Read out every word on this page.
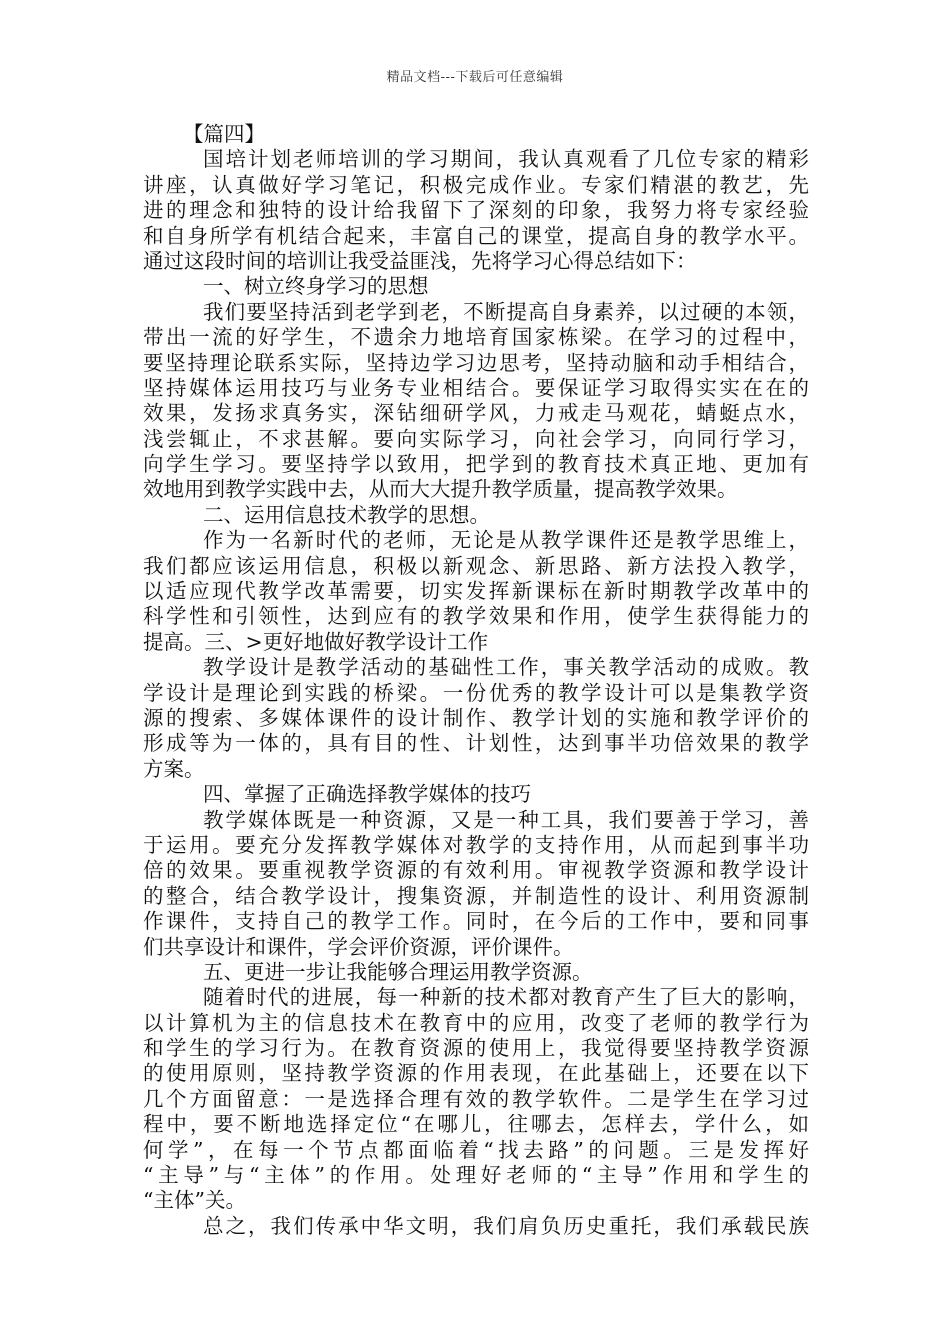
精品文档---下载后可任意编辑
【篇四】
国培计划老师培训的学习期间，我认真观看了几位专家的精彩
讲座，认真做好学习笔记，积极完成作业。专家们精湛的教艺，先
进的理念和独特的设计给我留下了深刻的印象，我努力将专家经验
和自身所学有机结合起来，丰富自己的课堂，提高自身的教学水平。
通过这段时间的培训让我受益匪浅，先将学习心得总结如下：
一、树立终身学习的思想
我们要坚持活到老学到老，不断提高自身素养，以过硬的本领，
带出一流的好学生，不遗余力地培育国家栋梁。在学习的过程中，
要坚持理论联系实际，坚持边学习边思考，坚持动脑和动手相结合，
坚持媒体运用技巧与业务专业相结合。要保证学习取得实实在在的
效果，发扬求真务实，深钻细研学风，力戒走马观花，蜻蜓点水，
浅尝辄止，不求甚解。要向实际学习，向社会学习，向同行学习，
向学生学习。要坚持学以致用，把学到的教育技术真正地、更加有
效地用到教学实践中去，从而大大提升教学质量，提高教学效果。
二、运用信息技术教学的思想。
作为一名新时代的老师，无论是从教学课件还是教学思维上，
我们都应该运用信息，积极以新观念、新思路、新方法投入教学，
以适应现代教学改革需要，切实发挥新课标在新时期教学改革中的
科学性和引领性，达到应有的教学效果和作用，使学生获得能力的
提高。三、>更好地做好教学设计工作
教学设计是教学活动的基础性工作，事关教学活动的成败。教
学设计是理论到实践的桥梁。一份优秀的教学设计可以是集教学资
源的搜索、多媒体课件的设计制作、教学计划的实施和教学评价的
形成等为一体的，具有目的性、计划性，达到事半功倍效果的教学
方案。
四、掌握了正确选择教学媒体的技巧
教学媒体既是一种资源，又是一种工具，我们要善于学习，善
于运用。要充分发挥教学媒体对教学的支持作用，从而起到事半功
倍的效果。要重视教学资源的有效利用。审视教学资源和教学设计
的整合，结合教学设计，搜集资源，并制造性的设计、利用资源制
作课件，支持自己的教学工作。同时，在今后的工作中，要和同事
们共享设计和课件，学会评价资源，评价课件。
五、更进一步让我能够合理运用教学资源。
随着时代的进展，每一种新的技术都对教育产生了巨大的影响，
以计算机为主的信息技术在教育中的应用，改变了老师的教学行为
和学生的学习行为。在教育资源的使用上，我觉得要坚持教学资源
的使用原则，坚持教学资源的作用表现，在此基础上，还要在以下
几个方面留意：一是选择合理有效的教学软件。二是学生在学习过
程中，要不断地选择定位“在哪儿，往哪去，怎样去，学什么，如
何学”，在每一个节点都面临着“找去路”的问题。三是发挥好
“主导”与“主体”的作用。处理好老师的“主导”作用和学生的
“主体”关。
总之，我们传承中华文明，我们肩负历史重托，我们承载民族
